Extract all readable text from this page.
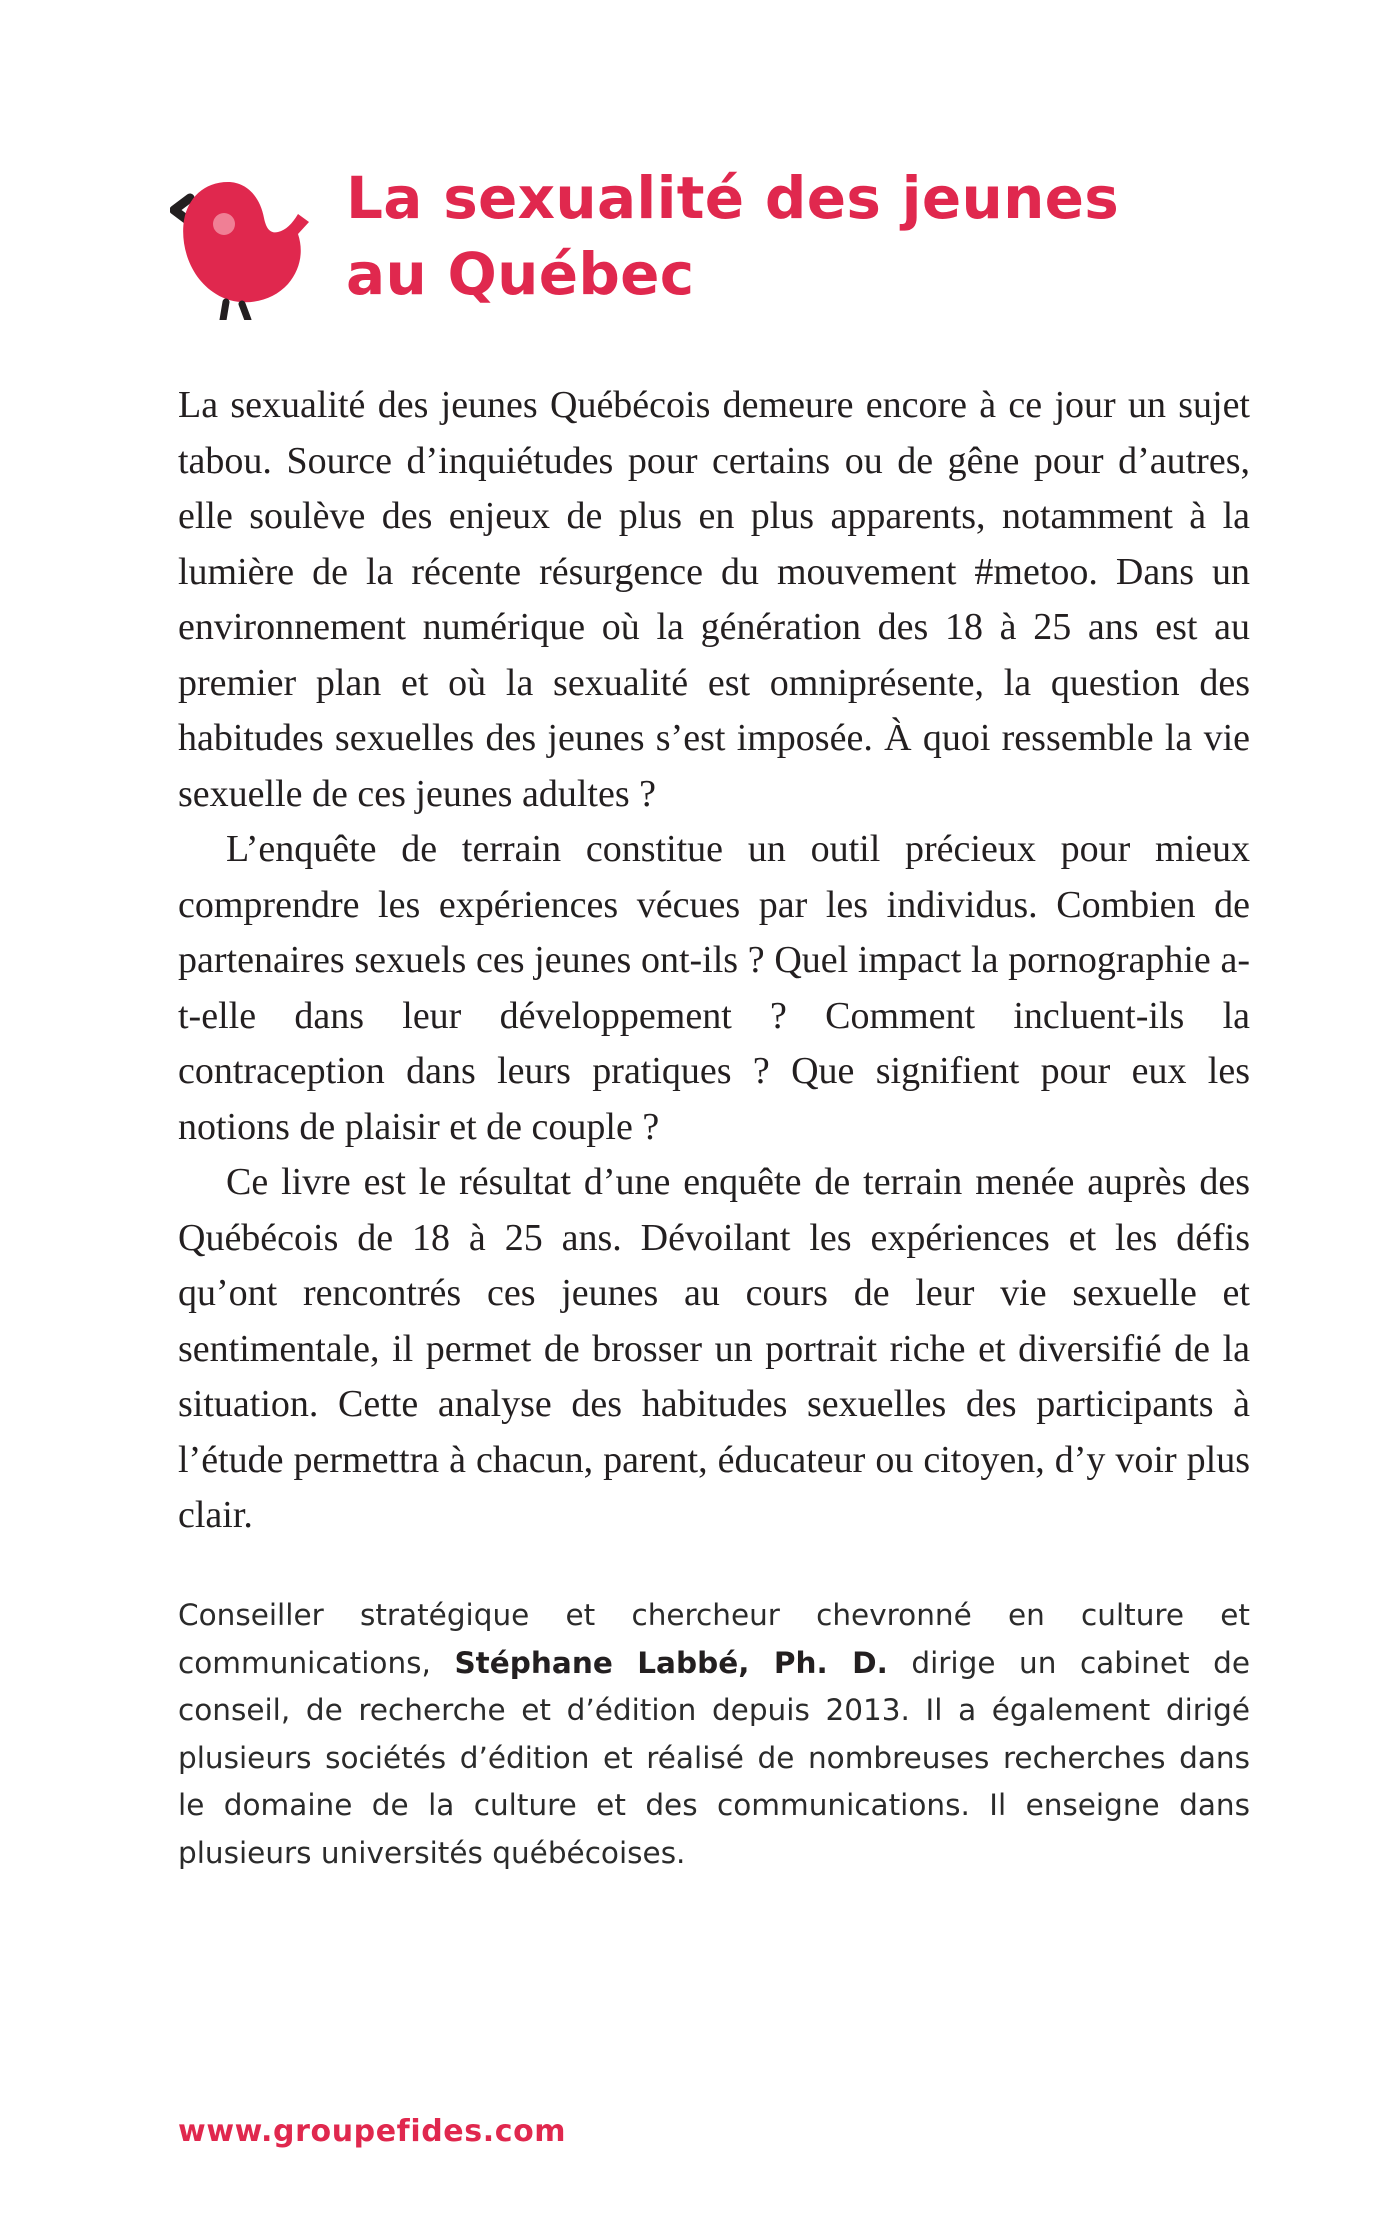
La sexualité des jeunes
au Québec

La sexualité des jeunes Québécois demeure encore à ce jour un sujet tabou. Source d’inquiétudes pour certains ou de gêne pour d’autres, elle soulève des enjeux de plus en plus apparents, notamment à la lumière de la récente résurgence du mouvement #metoo. Dans un environnement numérique où la génération des 18 à 25 ans est au premier plan et où la sexualité est omniprésente, la question des habitudes sexuelles des jeunes s’est imposée. À quoi ressemble la vie sexuelle de ces jeunes adultes ?

L’enquête de terrain constitue un outil précieux pour mieux comprendre les expériences vécues par les individus. Combien de partenaires sexuels ces jeunes ont-ils ? Quel impact la pornographie a-t-elle dans leur développement ? Comment incluent-ils la contraception dans leurs pratiques ? Que signifient pour eux les notions de plaisir et de couple ?

Ce livre est le résultat d’une enquête de terrain menée auprès des Québécois de 18 à 25 ans. Dévoilant les expériences et les défis qu’ont rencontrés ces jeunes au cours de leur vie sexuelle et sentimentale, il permet de brosser un portrait riche et diversifié de la situation. Cette analyse des habitudes sexuelles des participants à l’étude permettra à chacun, parent, éducateur ou citoyen, d’y voir plus clair.

Conseiller stratégique et chercheur chevronné en culture et communications, Stéphane Labbé, Ph. D. dirige un cabinet de conseil, de recherche et d’édition depuis 2013. Il a également dirigé plusieurs sociétés d’édition et réalisé de nombreuses recherches dans le domaine de la culture et des communications. Il enseigne dans plusieurs universités québécoises.

www.groupefides.com
